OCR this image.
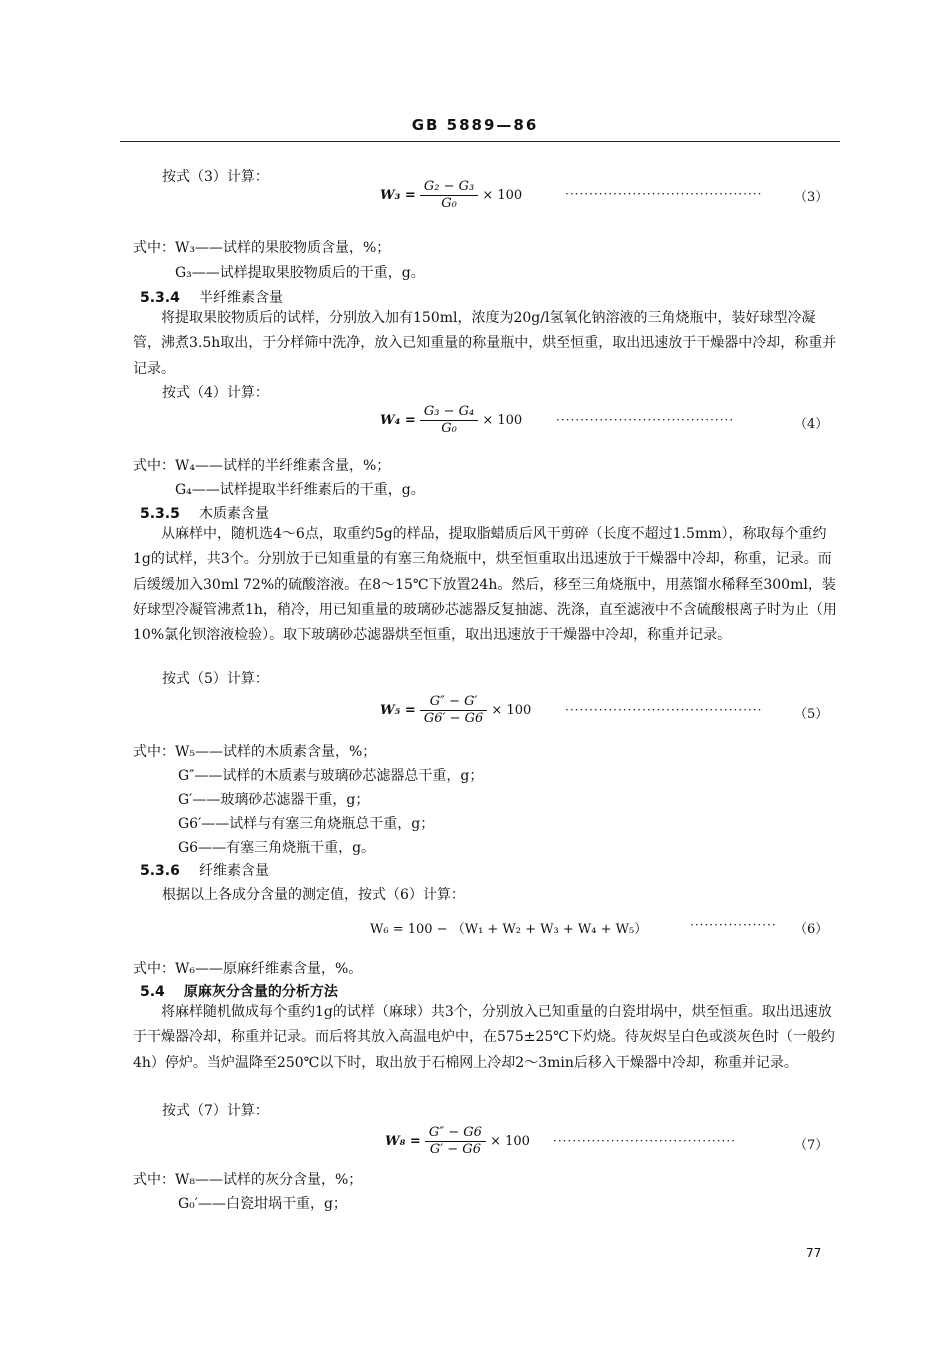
GB 5889—86
按式（3）计算：
$W_3 = \frac{\text{G₂ − G₃}}{\text{G₀}} \times 100$	········································· （3）
式中：W₃——试样的果胶物质含量，%；
G₃——试样提取果胶物质后的干重，g。
5.3.4 半纤维素含量
将提取果胶物质后的试样，分别放入加有150ml，浓度为20g/l氢氧化钠溶液的三角烧瓶中，装好球型冷凝管，沸煮3.5h取出，于分样筛中洗净，放入已知重量的称量瓶中，烘至恒重，取出迅速放于干燥器中冷却，称重并记录。
按式（4）计算：
$W_4 = \frac{\text{G₃ − G₄}}{\text{G₀}} \times 100$	·····································	（4）
式中：W₄——试样的半纤维素含量，%；
G₄——试样提取半纤维素后的干重，g。
5.3.5 木质素含量
从麻样中，随机选4～6点，取重约5g的样品，提取脂蜡质后风干剪碎（长度不超过1.5mm），称取每个重约1g的试样，共3个。分别放于已知重量的有塞三角烧瓶中，烘至恒重取出迅速放于干燥器中冷却，称重，记录。而后缓缓加入30ml 72%的硫酸溶液。在8～15℃下放置24h。然后，移至三角烧瓶中，用蒸馏水稀释至300ml，装好球型冷凝管沸煮1h，稍冷，用已知重量的玻璃砂芯滤器反复抽滤、洗涤，直至滤液中不含硫酸根离子时为止（用10%氯化钡溶液检验）。取下玻璃砂芯滤器烘至恒重，取出迅速放于干燥器中冷却，称重并记录。
按式（5）计算：
$W_5 = \frac{G'' - G'}{G6' - G6} \times 100$	········································· （5）
式中：W₅——试样的木质素含量，%；
G″——试样的木质素与玻璃砂芯滤器总干重，g；
G′——玻璃砂芯滤器干重，g；
G6′——试样与有塞三角烧瓶总干重，g；
G6——有塞三角烧瓶干重，g。
5.3.6 纤维素含量
根据以上各成分含量的测定值，按式（6）计算：
W₆ = 100 − （W₁ + W₂ + W₃ + W₄ + W₅）	·················· （6）
式中：W₆——原麻纤维素含量，%。
5.4 原麻灰分含量的分析方法
将麻样随机做成每个重约1g的试样（麻球）共3个，分别放入已知重量的白瓷坩埚中，烘至恒重。取出迅速放于干燥器冷却，称重并记录。而后将其放入高温电炉中，在575±25℃下灼烧。待灰烬呈白色或淡灰色时（一般约4h）停炉。当炉温降至250℃以下时，取出放于石棉网上冷却2～3min后移入干燥器中冷却，称重并记录。
按式（7）计算：
$W_8 = \frac{G'' - G6}{G' - G6} \times 100$ ······································	（7）
式中：W₈——试样的灰分含量，%；
G₀′——白瓷坩埚干重，g；
77
